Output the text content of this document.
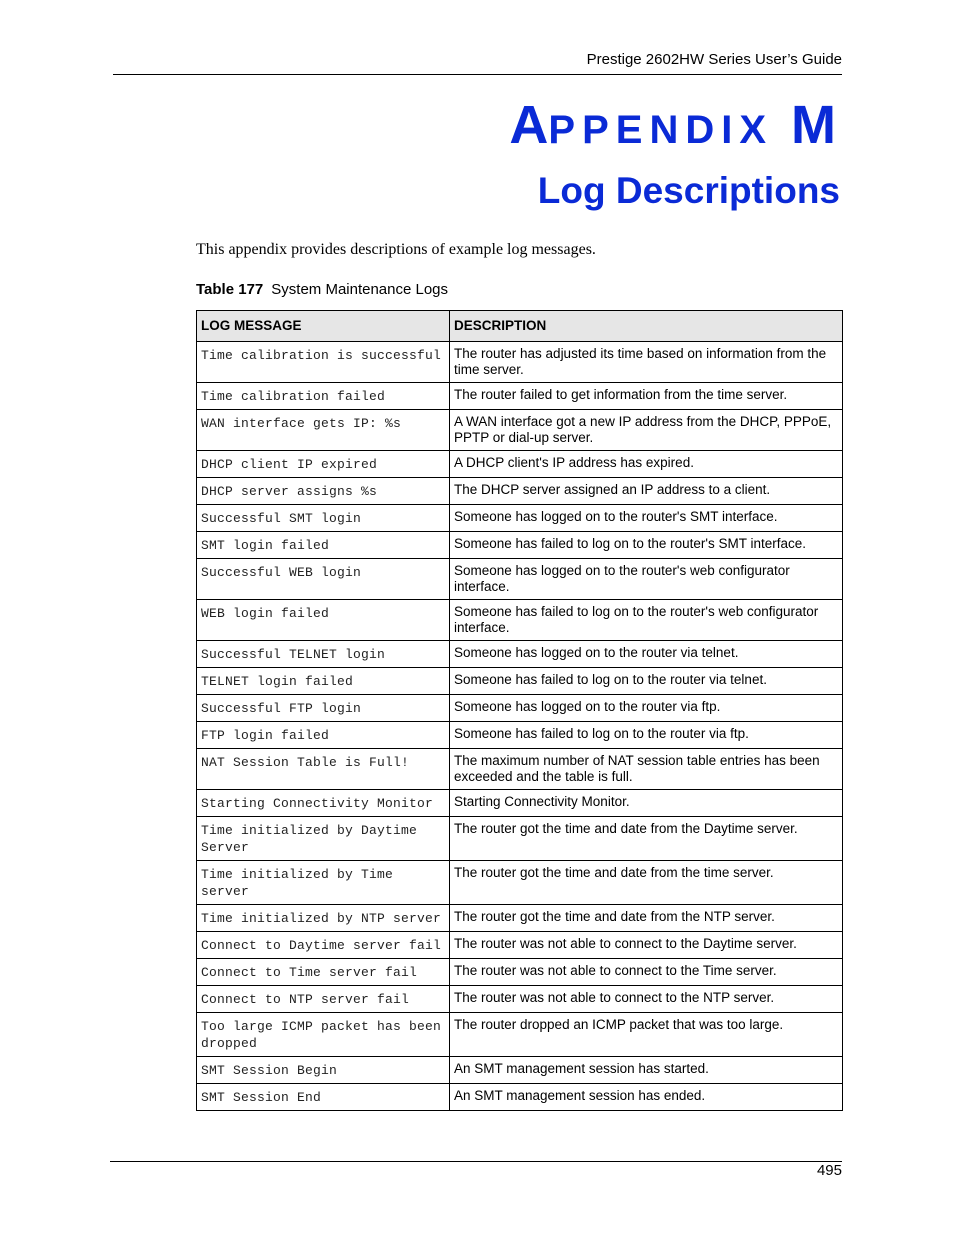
Prestige 2602HW Series User’s Guide
APPENDIX M
Log Descriptions
This appendix provides descriptions of example log messages.
Table 177 System Maintenance Logs
LOG MESSAGE	DESCRIPTION
Time calibration is successful	The router has adjusted its time based on information from the time server.
Time calibration failed	The router failed to get information from the time server.
WAN interface gets IP: %s	A WAN interface got a new IP address from the DHCP, PPPoE, PPTP or dial-up server.
DHCP client IP expired	A DHCP client's IP address has expired.
DHCP server assigns %s	The DHCP server assigned an IP address to a client.
Successful SMT login	Someone has logged on to the router's SMT interface.
SMT login failed	Someone has failed to log on to the router's SMT interface.
Successful WEB login	Someone has logged on to the router's web configurator interface.
WEB login failed	Someone has failed to log on to the router's web configurator interface.
Successful TELNET login	Someone has logged on to the router via telnet.
TELNET login failed	Someone has failed to log on to the router via telnet.
Successful FTP login	Someone has logged on to the router via ftp.
FTP login failed	Someone has failed to log on to the router via ftp.
NAT Session Table is Full!	The maximum number of NAT session table entries has been exceeded and the table is full.
Starting Connectivity Monitor	Starting Connectivity Monitor.
Time initialized by Daytime Server	The router got the time and date from the Daytime server.
Time initialized by Time server	The router got the time and date from the time server.
Time initialized by NTP server	The router got the time and date from the NTP server.
Connect to Daytime server fail	The router was not able to connect to the Daytime server.
Connect to Time server fail	The router was not able to connect to the Time server.
Connect to NTP server fail	The router was not able to connect to the NTP server.
Too large ICMP packet has been dropped	The router dropped an ICMP packet that was too large.
SMT Session Begin	An SMT management session has started.
SMT Session End	An SMT management session has ended.
495
